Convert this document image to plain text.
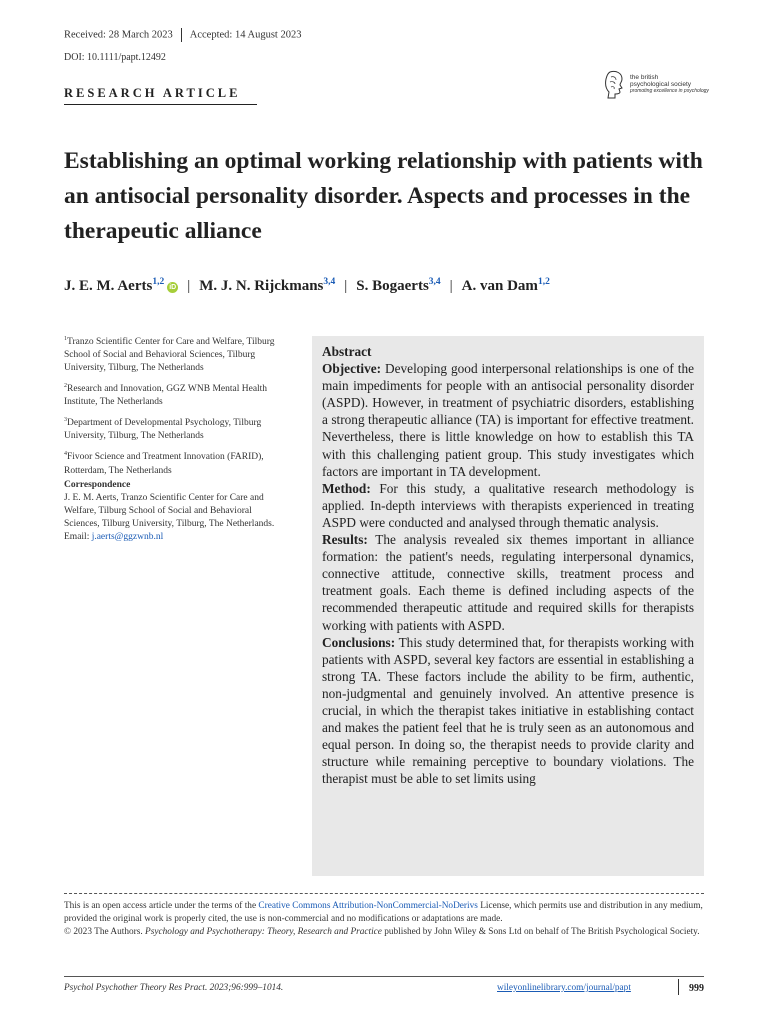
Received: 28 March 2023 Accepted: 14 August 2023
DOI: 10.1111/papt.12492
the british
psychological society
promoting excellence in psychology
RESEARCH ARTICLE
Establishing an optimal working relationship with patients with an antisocial personality disorder. Aspects and processes in the therapeutic alliance
J. E. M. Aerts$^{1,2}$iD | M. J. N. Rijckmans$^{3,4}$ | S. Bogaerts$^{3,4}$ | A. van Dam$^{1,2}$

$^1$Tranzo Scientific Center for Care and Welfare, Tilburg School of Social and Behavioral Sciences, Tilburg University, Tilburg, The Netherlands

$^2$Research and Innovation, GGZ WNB Mental Health Institute, The Netherlands

$^3$Department of Developmental Psychology, Tilburg University, Tilburg, The Netherlands

$^4$Fivoor Science and Treatment Innovation (FARID), Rotterdam, The Netherlands

Correspondence

J. E. M. Aerts, Tranzo Scientific Center for Care and Welfare, Tilburg School of Social and Behavioral Sciences, Tilburg University, Tilburg, The Netherlands.

Email: j.aerts@ggzwnb.nl

Abstract

Objective: Developing good interpersonal relationships is one of the main impediments for people with an antisocial personality disorder (ASPD). However, in treatment of psychiatric disorders, establishing a strong therapeutic alliance (TA) is important for effective treatment. Nevertheless, there is little knowledge on how to establish this TA with this challenging patient group. This study investigates which factors are important in TA development.

Method: For this study, a qualitative research methodology is applied. In-depth interviews with therapists experienced in treating ASPD were conducted and analysed through thematic analysis.

Results: The analysis revealed six themes important in alliance formation: the patient's needs, regulating interpersonal dynamics, connective attitude, connective skills, treatment process and treatment goals. Each theme is defined including aspects of the recommended therapeutic attitude and required skills for therapists working with patients with ASPD.

Conclusions: This study determined that, for therapists working with patients with ASPD, several key factors are essential in establishing a strong TA. These factors include the ability to be firm, authentic, non-judgmental and genuinely involved. An attentive presence is crucial, in which the therapist takes initiative in establishing contact and makes the patient feel that he is truly seen as an autonomous and equal person. In doing so, the therapist needs to provide clarity and structure while remaining perceptive to boundary violations. The therapist must be able to set limits using

This is an open access article under the terms of the Creative Commons Attribution-NonCommercial-NoDerivs License, which permits use and distribution in any medium, provided the original work is properly cited, the use is non-commercial and no modifications or adaptations are made.

© 2023 The Authors. Psychology and Psychotherapy: Theory, Research and Practice published by John Wiley & Sons Ltd on behalf of The British Psychological Society.

Psychol Psychother Theory Res Pract. 2023;96:999–1014.	wileyonlinelibrary.com/journal/papt	999
